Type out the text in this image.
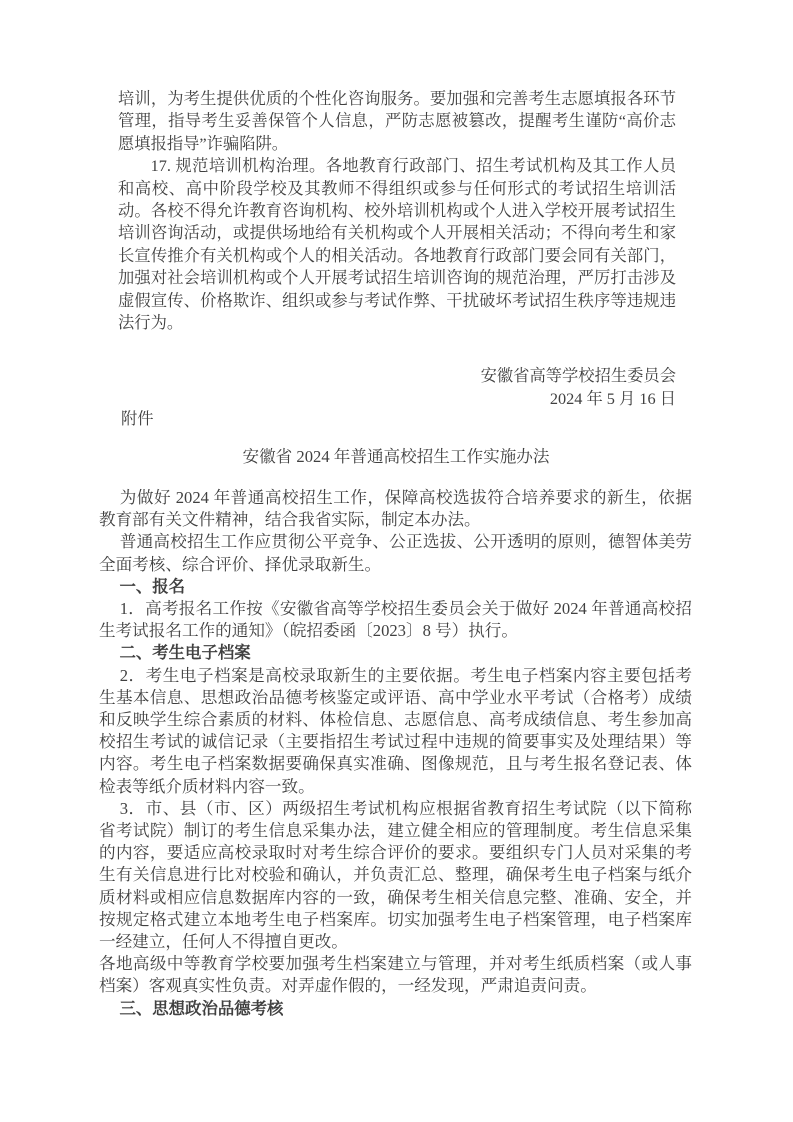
培训，为考生提供优质的个性化咨询服务。要加强和完善考生志愿填报各环节管理，指导考生妥善保管个人信息，严防志愿被篡改，提醒考生谨防“高价志愿填报指导”诈骗陷阱。

17. 规范培训机构治理。各地教育行政部门、招生考试机构及其工作人员和高校、高中阶段学校及其教师不得组织或参与任何形式的考试招生培训活动。各校不得允许教育咨询机构、校外培训机构或个人进入学校开展考试招生培训咨询活动，或提供场地给有关机构或个人开展相关活动；不得向考生和家长宣传推介有关机构或个人的相关活动。各地教育行政部门要会同有关部门，加强对社会培训机构或个人开展考试招生培训咨询的规范治理，严厉打击涉及虚假宣传、价格欺诈、组织或参与考试作弊、干扰破坏考试招生秩序等违规违法行为。

安徽省高等学校招生委员会

2024 年 5 月 16 日

附件
安徽省 2024 年普通高校招生工作实施办法

为做好 2024 年普通高校招生工作，保障高校选拔符合培养要求的新生，依据教育部有关文件精神，结合我省实际，制定本办法。

普通高校招生工作应贯彻公平竞争、公正选拔、公开透明的原则，德智体美劳全面考核、综合评价、择优录取新生。

一、报名

1．高考报名工作按《安徽省高等学校招生委员会关于做好 2024 年普通高校招生考试报名工作的通知》（皖招委函〔2023〕8 号）执行。

二、考生电子档案

2．考生电子档案是高校录取新生的主要依据。考生电子档案内容主要包括考生基本信息、思想政治品德考核鉴定或评语、高中学业水平考试（合格考）成绩和反映学生综合素质的材料、体检信息、志愿信息、高考成绩信息、考生参加高校招生考试的诚信记录（主要指招生考试过程中违规的简要事实及处理结果）等内容。考生电子档案数据要确保真实准确、图像规范，且与考生报名登记表、体检表等纸介质材料内容一致。

3．市、县（市、区）两级招生考试机构应根据省教育招生考试院（以下简称省考试院）制订的考生信息采集办法，建立健全相应的管理制度。考生信息采集的内容，要适应高校录取时对考生综合评价的要求。要组织专门人员对采集的考生有关信息进行比对校验和确认，并负责汇总、整理，确保考生电子档案与纸介质材料或相应信息数据库内容的一致，确保考生相关信息完整、准确、安全，并按规定格式建立本地考生电子档案库。切实加强考生电子档案管理，电子档案库一经建立，任何人不得擅自更改。

各地高级中等教育学校要加强考生档案建立与管理，并对考生纸质档案（或人事档案）客观真实性负责。对弄虚作假的，一经发现，严肃追责问责。

三、思想政治品德考核
